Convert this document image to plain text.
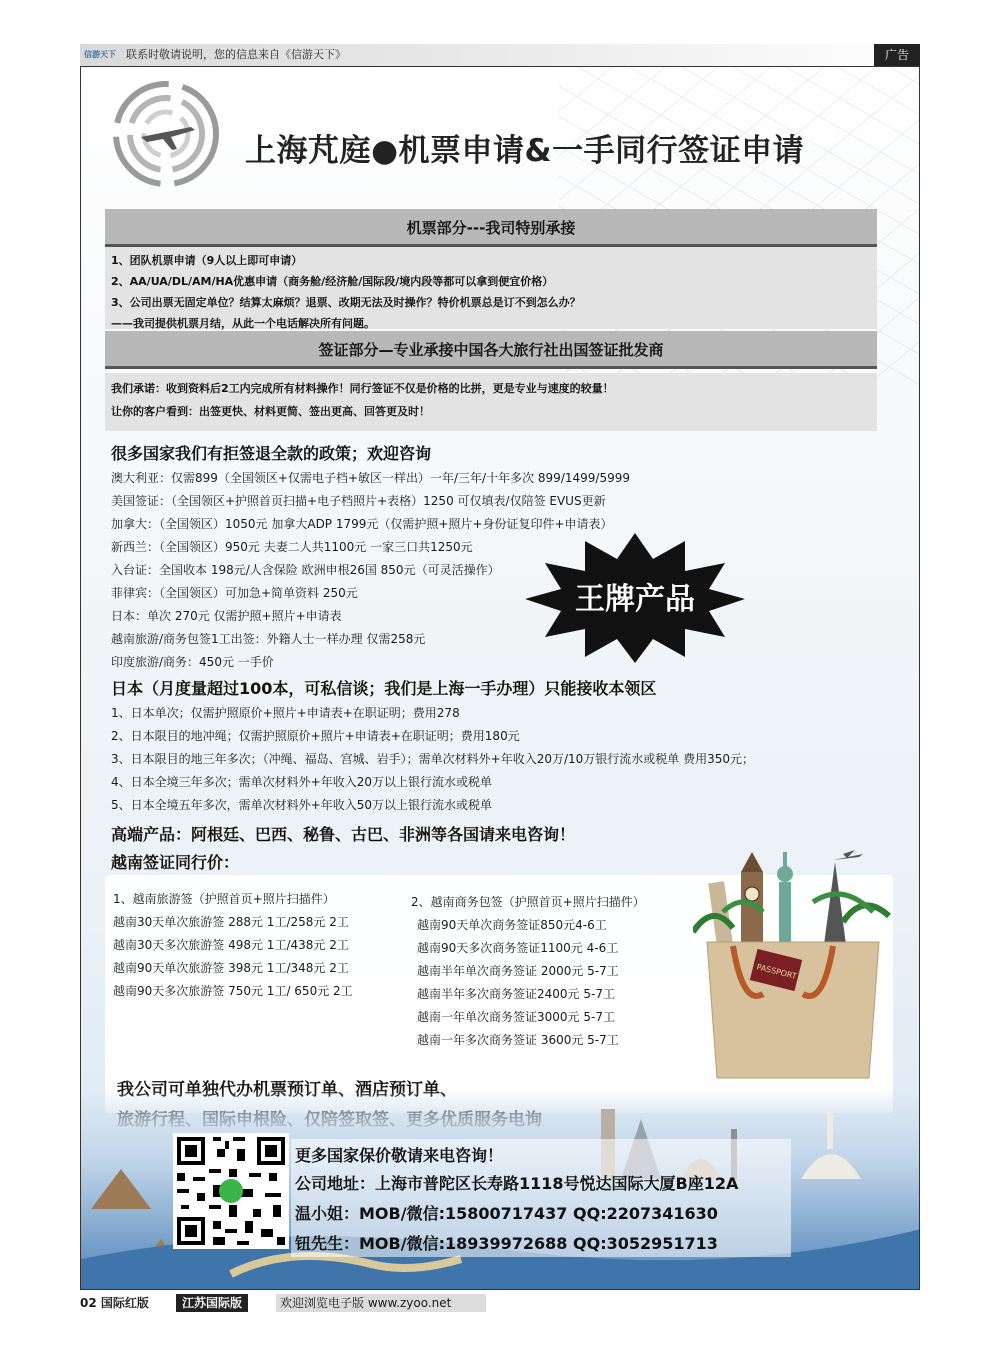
信游天下 联系时敬请说明，您的信息来自《信游天下》	广告
上海芃庭●机票申请&一手同行签证申请
机票部分---我司特别承接
1、团队机票申请（9人以上即可申请）
2、AA/UA/DL/AM/HA优惠申请（商务舱/经济舱/国际段/境内段等都可以拿到便宜价格）
3、公司出票无固定单位？结算太麻烦？退票、改期无法及时操作？特价机票总是订不到怎么办？
——我司提供机票月结，从此一个电话解决所有问题。
签证部分—专业承接中国各大旅行社出国签证批发商
我们承诺：收到资料后2工内完成所有材料操作！同行签证不仅是价格的比拼，更是专业与速度的较量！
让你的客户看到：出签更快、材料更简、签出更高、回答更及时！
很多国家我们有拒签退全款的政策；欢迎咨询
澳大利亚：仅需899（全国领区+仅需电子档+敏区一样出）一年/三年/十年多次 899/1499/5999
美国签证：（全国领区+护照首页扫描+电子档照片+表格）1250 可仅填表/仅陪签 EVUS更新
加拿大：（全国领区）1050元 加拿大ADP 1799元（仅需护照+照片+身份证复印件+申请表）
新西兰：（全国领区）950元 夫妻二人共1100元 一家三口共1250元
入台证：全国收本 198元/人含保险 欧洲申根26国 850元（可灵活操作）
菲律宾：（全国领区）可加急+简单资料 250元
日本：单次 270元 仅需护照+照片+申请表
越南旅游/商务包签1工出签：外籍人士一样办理 仅需258元
印度旅游/商务：450元 一手价
王牌产品
日本（月度量超过100本，可私信谈；我们是上海一手办理）只能接收本领区
1、日本单次；仅需护照原价+照片+申请表+在职证明；费用278
2、日本限目的地冲绳；仅需护照原价+照片+申请表+在职证明；费用180元
3、日本限目的地三年多次；（冲绳、福岛、宫城、岩手）；需单次材料外+年收入20万/10万银行流水或税单 费用350元；
4、日本全境三年多次；需单次材料外+年收入20万以上银行流水或税单
5、日本全境五年多次，需单次材料外+年收入50万以上银行流水或税单
高端产品：阿根廷、巴西、秘鲁、古巴、非洲等各国请来电咨询！
越南签证同行价：
1、越南旅游签（护照首页+照片扫描件）
越南30天单次旅游签 288元 1工/258元 2工
越南30天多次旅游签 498元 1工/438元 2工
越南90天单次旅游签 398元 1工/348元 2工
越南90天多次旅游签 750元 1工/ 650元 2工
2、越南商务包签（护照首页+照片扫描件）
越南90天单次商务签证850元4-6工
越南90天多次商务签证1100元 4-6工
越南半年单次商务签证 2000元 5-7工
越南半年多次商务签证2400元 5-7工
越南一年单次商务签证3000元 5-7工
越南一年多次商务签证 3600元 5-7工
PASSPORT
更多国家保价敬请来电咨询！
公司地址：上海市普陀区长寿路1118号悦达国际大厦B座12A
温小姐：MOB/微信:15800717437 QQ:2207341630
钮先生：MOB/微信:18939972688 QQ:3052951713
02 国际红版	江苏国际版	欢迎浏览电子版 www.zyoo.net
